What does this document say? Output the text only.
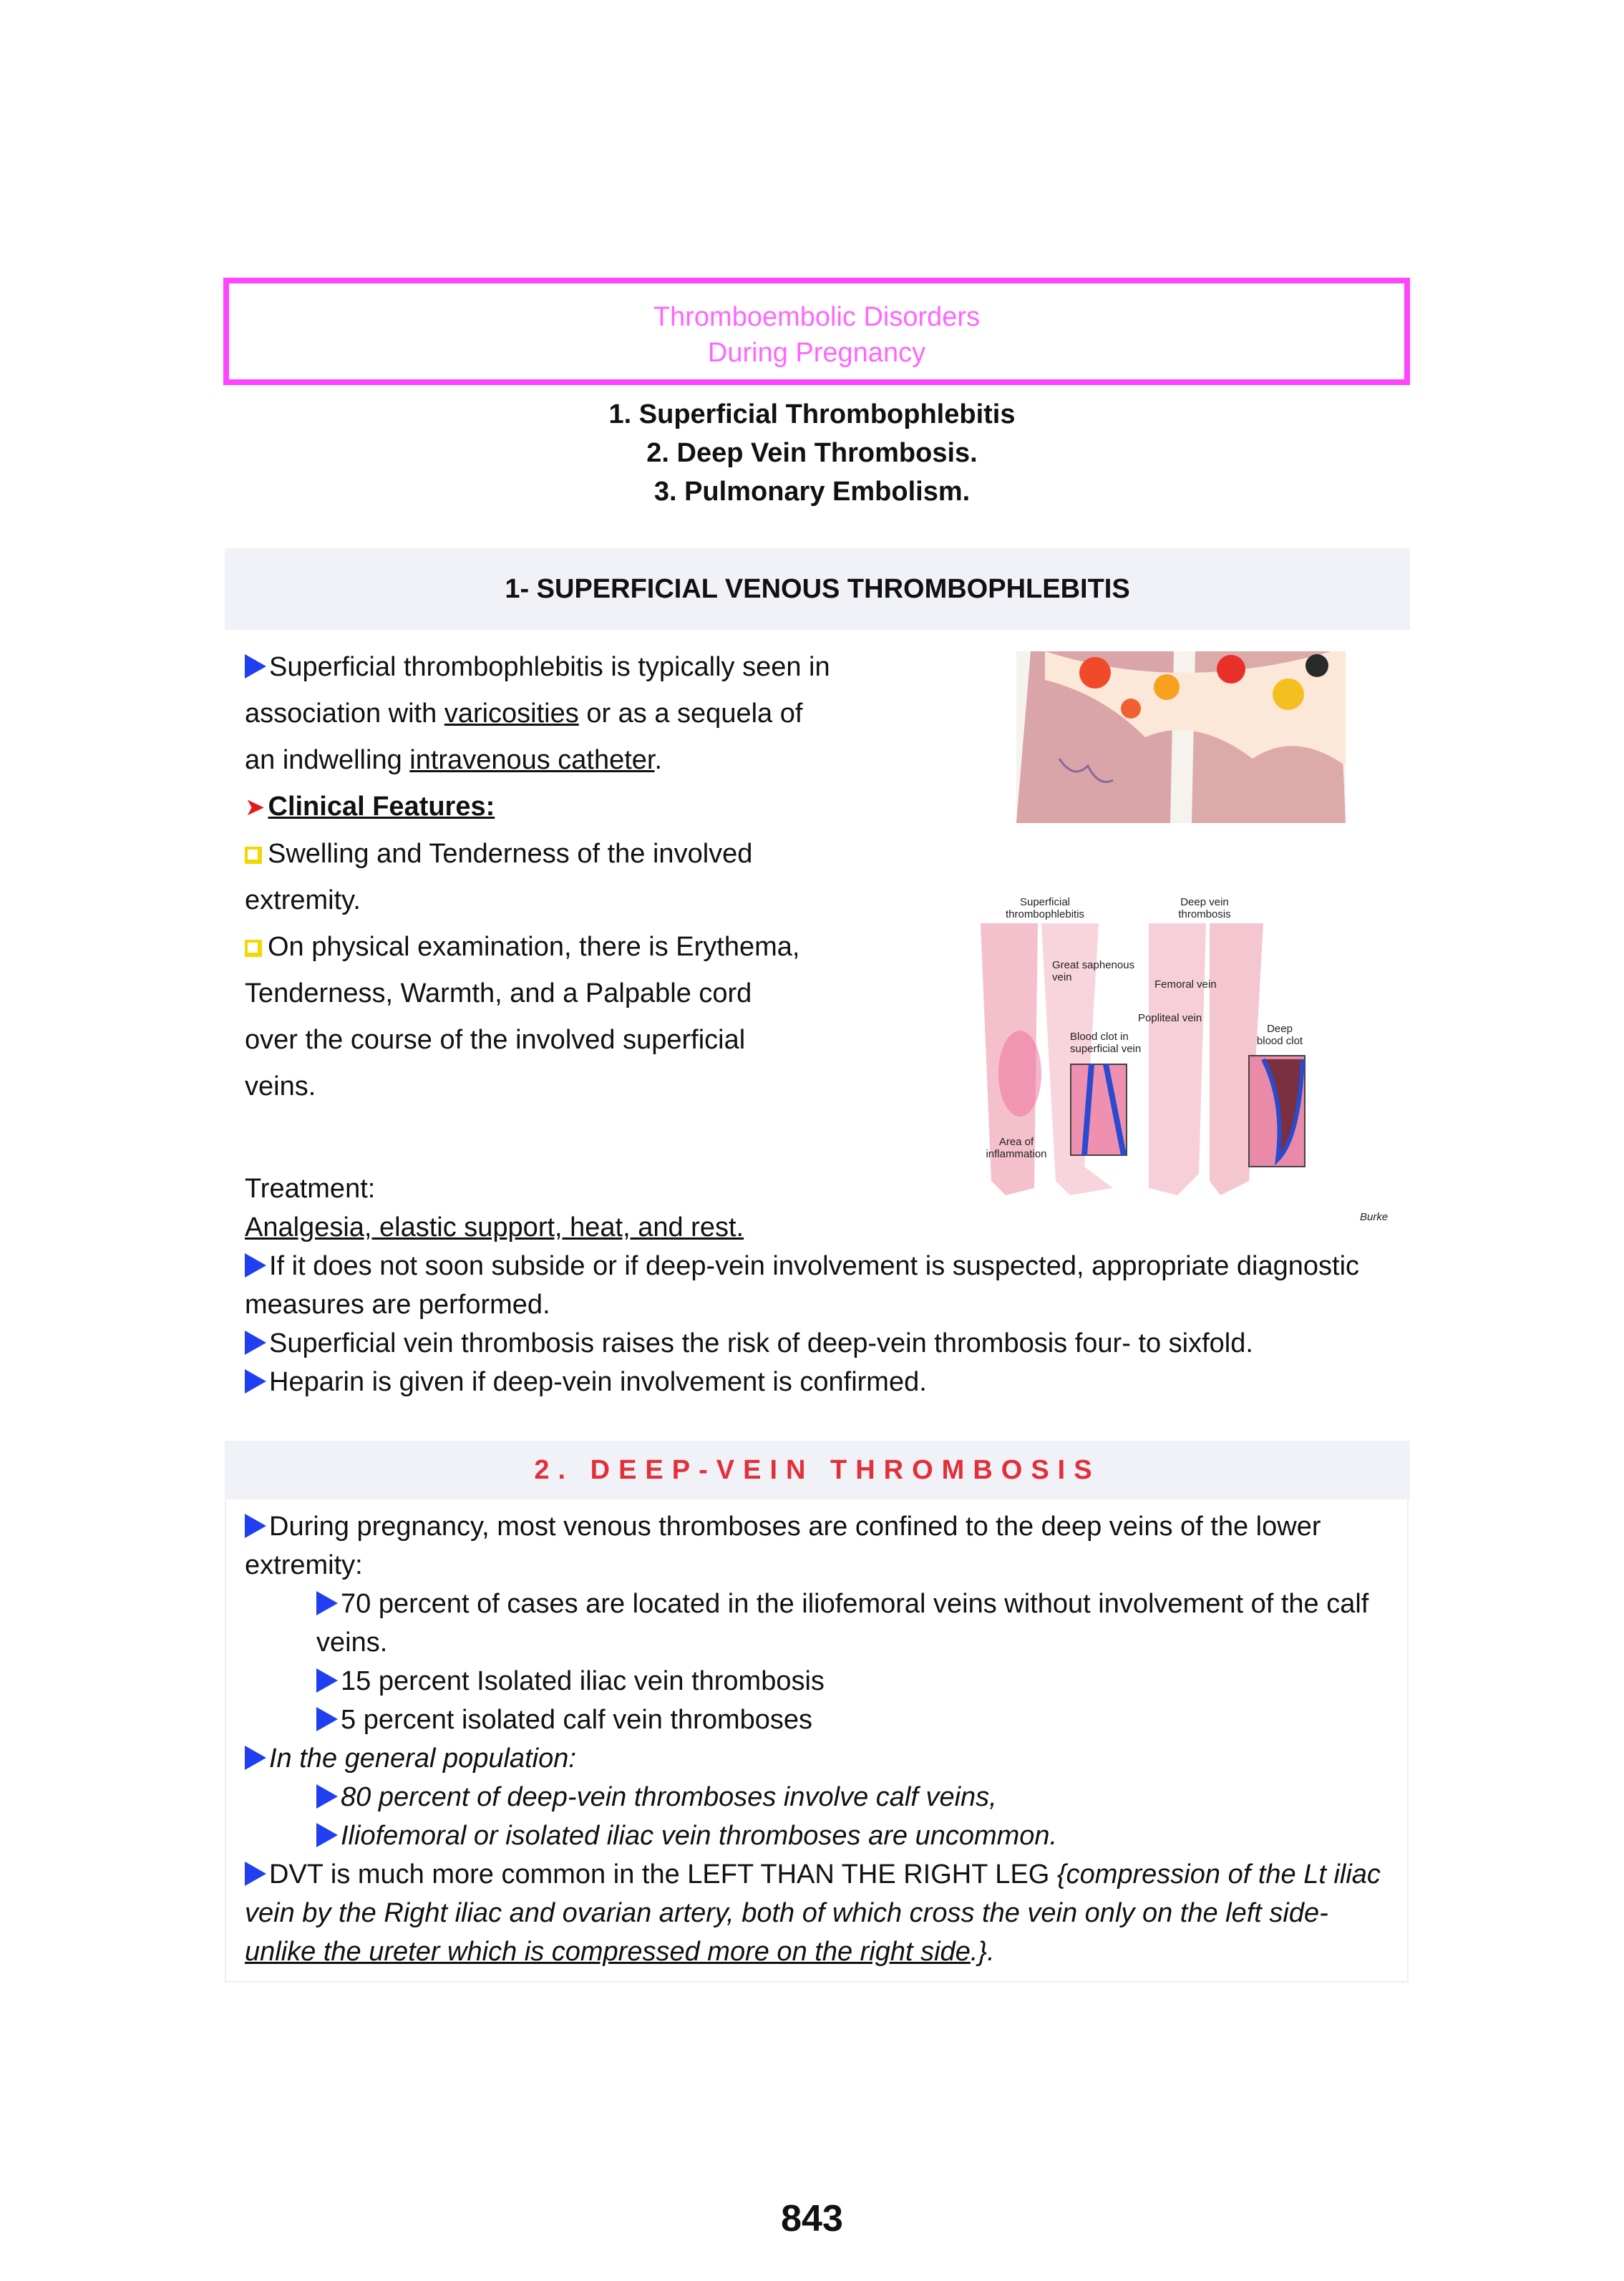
Thromboembolic Disorders
During Pregnancy
1. Superficial Thrombophlebitis
2. Deep Vein Thrombosis.
3. Pulmonary Embolism.
1- SUPERFICIAL VENOUS THROMBOPHLEBITIS
Superficial thrombophlebitis is typically seen in association with varicosities or as a sequela of an indwelling intravenous catheter.
➤ Clinical Features:
Swelling and Tenderness of the involved extremity.
On physical examination, there is Erythema, Tenderness, Warmth, and a Palpable cord over the course of the involved superficial veins.
Superficial
thrombophlebitis
Deep vein
thrombosis
Great saphenous
vein
Blood clot in
superficial vein
Area of
inflammation
Femoral vein
Popliteal vein
Deep
blood clot
Burke
Treatment:
Analgesia, elastic support, heat, and rest.
If it does not soon subside or if deep-vein involvement is suspected, appropriate diagnostic measures are performed.
Superficial vein thrombosis raises the risk of deep-vein thrombosis four- to sixfold.
Heparin is given if deep-vein involvement is confirmed.
2. DEEP-VEIN THROMBOSIS
During pregnancy, most venous thromboses are confined to the deep veins of the lower extremity:
70 percent of cases are located in the iliofemoral veins without involvement of the calf veins.
15 percent Isolated iliac vein thrombosis
5 percent isolated calf vein thromboses
In the general population:
80 percent of deep-vein thromboses involve calf veins,
Iliofemoral or isolated iliac vein thromboses are uncommon.
DVT is much more common in the LEFT THAN THE RIGHT LEG {compression of the Lt iliac vein by the Right iliac and ovarian artery, both of which cross the vein only on the left side- unlike the ureter which is compressed more on the right side.}.
843
